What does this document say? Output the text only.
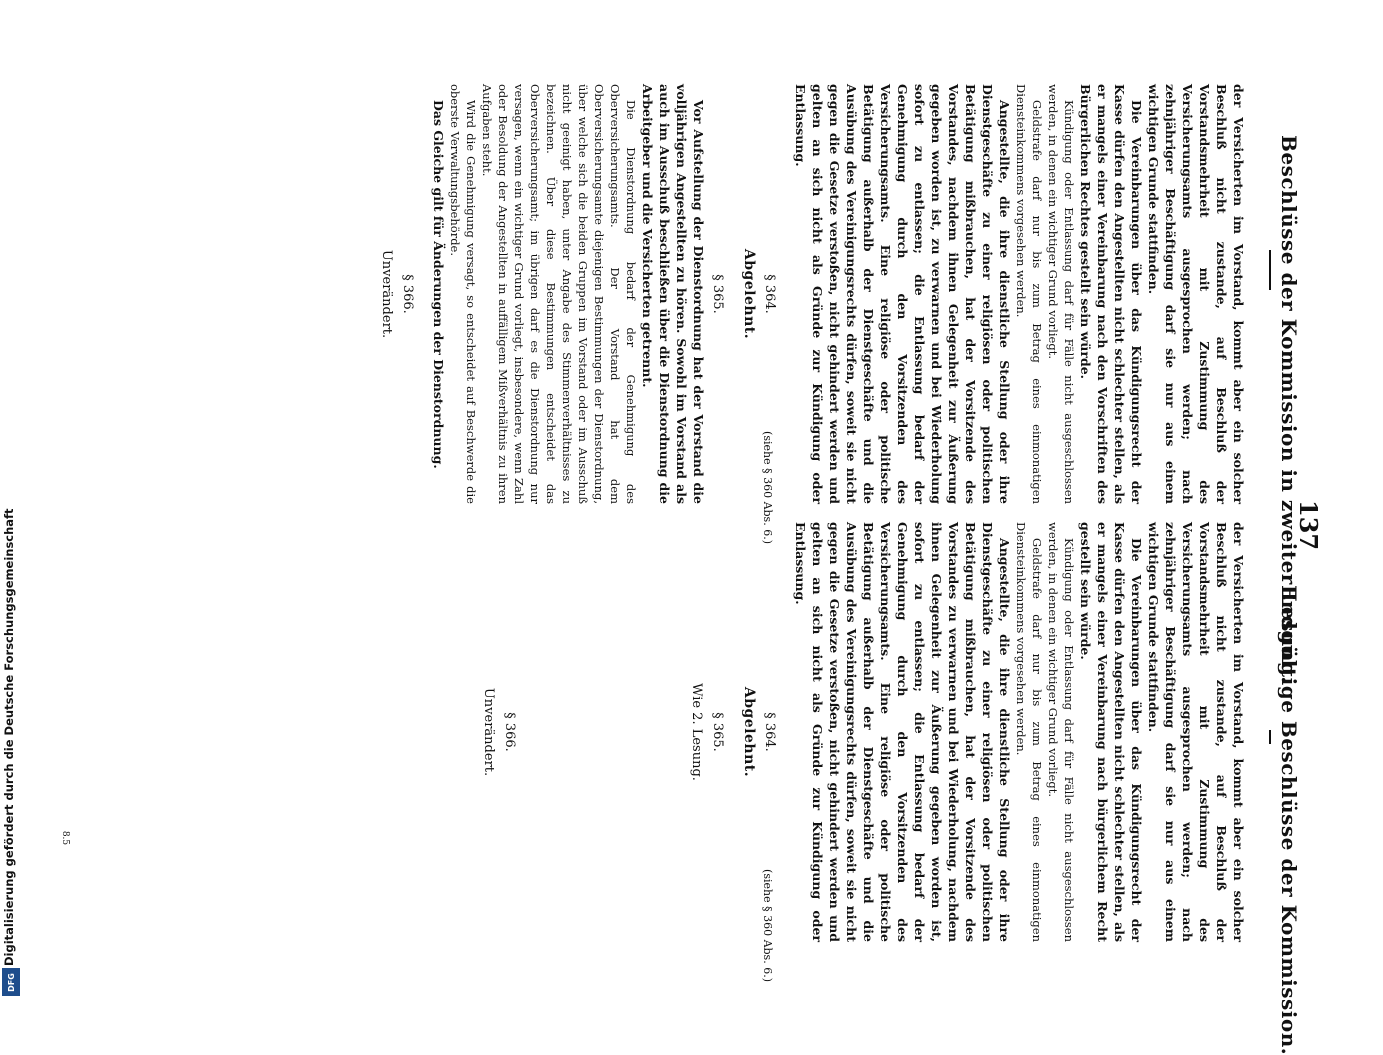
Beschlüsse der Kommission in zweiter Lesung.
137
Endgültige Beschlüsse der Kommission.

der Versicherten im Vorstand, kommt aber ein solcher Beschluß nicht zustande, auf Beschluß der Vorstandsmehrheit mit Zustimmung des Versicherungsamts ausgesprochen werden; nach zehnjähriger Beschäftigung darf sie nur aus einem wichtigen Grunde stattfinden.

Die Vereinbarungen über das Kündigungsrecht der Kasse dürfen den Angestellten nicht schlechter stellen, als er mangels einer Vereinbarung nach den Vorschriften des Bürgerlichen Rechtes gestellt sein würde.

Kündigung oder Entlassung darf für Fälle nicht ausgeschlossen werden, in denen ein wichtiger Grund vorliegt.

Geldstrafe darf nur bis zum Betrag eines einmonatigen Diensteinkommens vorgesehen werden.

Angestellte, die ihre dienstliche Stellung oder ihre Dienstgeschäfte zu einer religiösen oder politischen Betätigung mißbrauchen, hat der Vorsitzende des Vorstandes, nachdem ihnen Gelegenheit zur Äußerung gegeben worden ist, zu verwarnen und bei Wiederholung sofort zu entlassen; die Entlassung bedarf der Genehmigung durch den Vorsitzenden des Versicherungsamts. Eine religiöse oder politische Betätigung außerhalb der Dienstgeschäfte und die Ausübung des Vereinigungsrechts dürfen, soweit sie nicht gegen die Gesetze verstoßen, nicht gehindert werden und gelten an sich nicht als Gründe zur Kündigung oder Entlassung.

§ 364.
(siehe § 360 Abs. 6.)
Abgelehnt.
§ 365.

Vor Aufstellung der Dienstordnung hat der Vorstand die volljährigen Angestellten zu hören. Sowohl im Vorstand als auch im Ausschuß beschließen über die Dienstordnung die Arbeitgeber und die Versicherten getrennt.

Die Dienstordnung bedarf der Genehmigung des Oberversicherungsamts. Der Vorstand hat dem Oberversicherungsamte diejenigen Bestimmungen der Dienstordnung, über welche sich die beiden Gruppen im Vorstand oder im Ausschuß nicht geeinigt haben, unter Angabe des Stimmenverhältnisses zu bezeichnen. Über diese Bestimmungen entscheidet das Oberversicherungsamt; im übrigen darf es die Dienstordnung nur versagen, wenn ein wichtiger Grund vorliegt, insbesondere, wenn Zahl oder Besoldung der Angestellten in auffälligem Mißverhältnis zu ihren Aufgaben steht.

Wird die Genehmigung versagt, so entscheidet auf Beschwerde die oberste Verwaltungsbehörde.

Das Gleiche gilt für Änderungen der Dienstordnung.

§ 366.
Unverändert.

der Versicherten im Vorstand, kommt aber ein solcher Beschluß nicht zustande, auf Beschluß der Vorstandsmehrheit mit Zustimmung des Versicherungsamts ausgesprochen werden; nach zehnjähriger Beschäftigung darf sie nur aus einem wichtigen Grunde stattfinden.

Die Vereinbarungen über das Kündigungsrecht der Kasse dürfen den Angestellten nicht schlechter stellen, als er mangels einer Vereinbarung nach bürgerlichem Recht gestellt sein würde.

Kündigung oder Entlassung darf für Fälle nicht ausgeschlossen werden, in denen ein wichtiger Grund vorliegt.

Geldstrafe darf nur bis zum Betrag eines einmonatigen Diensteinkommens vorgesehen werden.

Angestellte, die ihre dienstliche Stellung oder ihre Dienstgeschäfte zu einer religiösen oder politischen Betätigung mißbrauchen, hat der Vorsitzende des Vorstandes zu verwarnen und bei Wiederholung, nachdem ihnen Gelegenheit zur Äußerung gegeben worden ist, sofort zu entlassen; die Entlassung bedarf der Genehmigung durch den Vorsitzenden des Versicherungsamts. Eine religiöse oder politische Betätigung außerhalb der Dienstgeschäfte und die Ausübung des Vereinigungsrechts dürfen, soweit sie nicht gegen die Gesetze verstoßen, nicht gehindert werden und gelten an sich nicht als Gründe zur Kündigung oder Entlassung.

§ 364.
(siehe § 360 Abs. 6.)
Abgelehnt.
§ 365.
Wie 2. Lesung.
§ 366.
Unverändert.
Digitalisierung gefördert durch die Deutsche Forschungsgemeinschaft
DFG
8.5
